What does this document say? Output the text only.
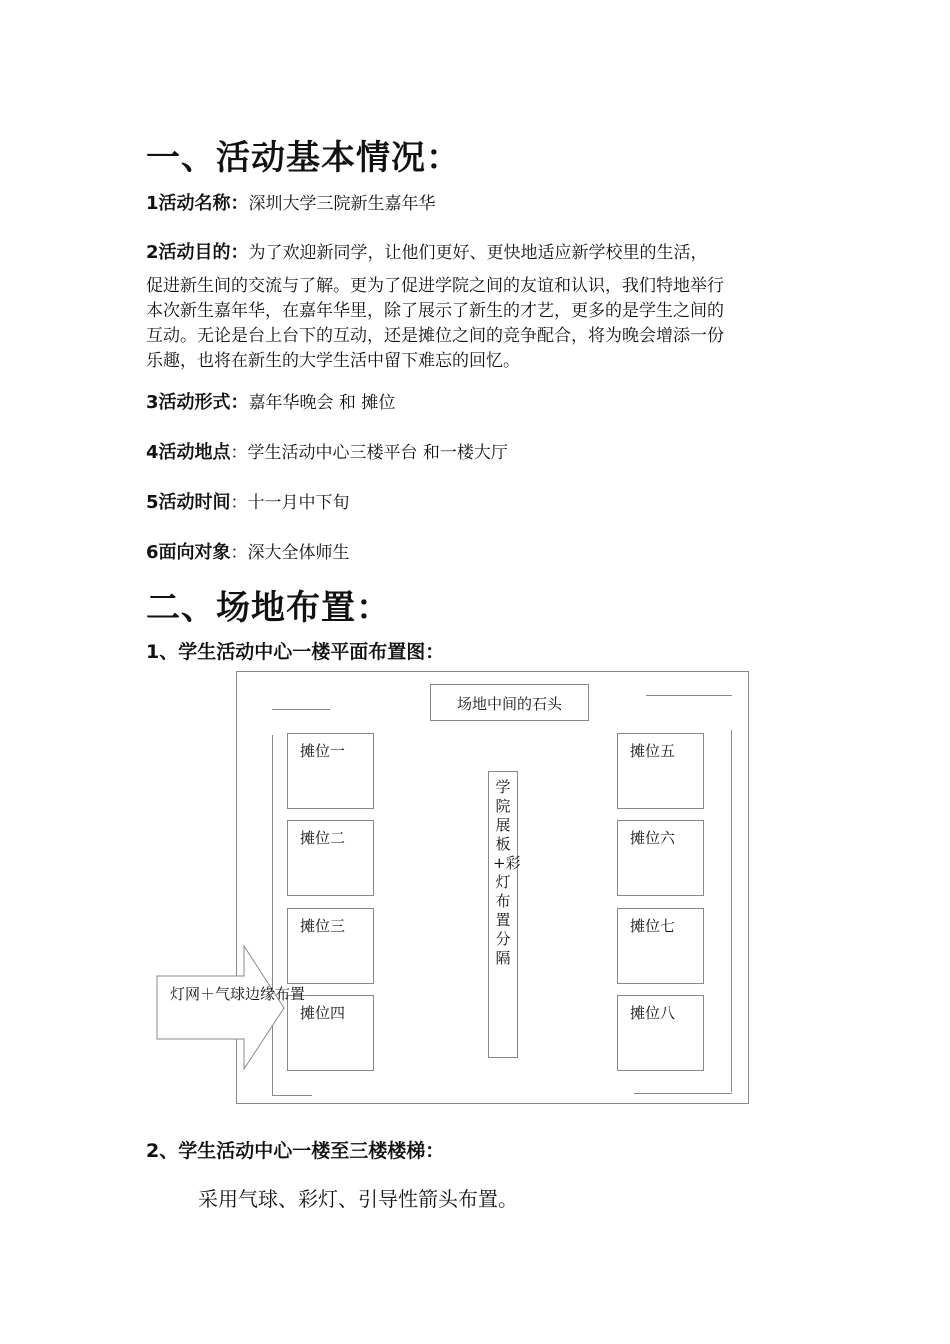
一、活动基本情况：
1活动名称：深圳大学三院新生嘉年华
2活动目的：为了欢迎新同学，让他们更好、更快地适应新学校里的生活，
促进新生间的交流与了解。更为了促进学院之间的友谊和认识，我们特地举行
本次新生嘉年华，在嘉年华里，除了展示了新生的才艺，更多的是学生之间的
互动。无论是台上台下的互动，还是摊位之间的竞争配合，将为晚会增添一份
乐趣，也将在新生的大学生活中留下难忘的回忆。
3活动形式：嘉年华晚会 和 摊位
4活动地点：学生活动中心三楼平台 和一楼大厅
5活动时间：十一月中下旬
6面向对象：深大全体师生
二、场地布置：
1、学生活动中心一楼平面布置图：
场地中间的石头
摊位一
摊位二
摊位三
摊位四
摊位五
摊位六
摊位七
摊位八
学院展板+彩灯布置分隔
灯网＋气球边缘布置
2、学生活动中心一楼至三楼楼梯：
采用气球、彩灯、引导性箭头布置。
